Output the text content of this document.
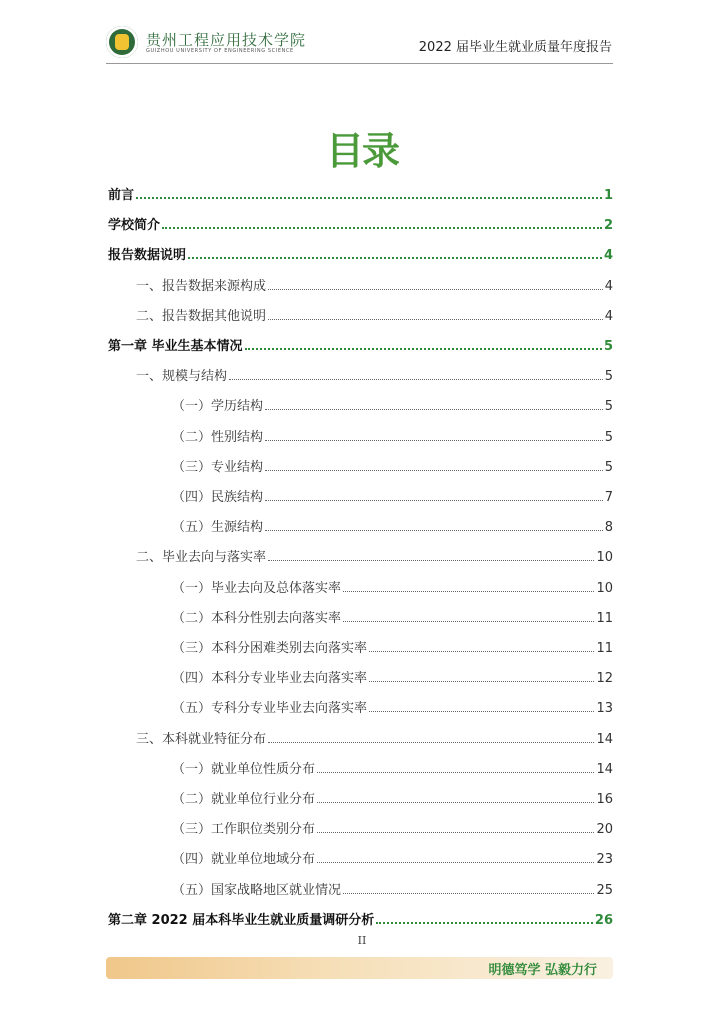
贵州工程应用技术学院
GUIZHOU UNIVERSITY OF ENGINEERING SCIENCE	2022 届毕业生就业质量年度报告
目录
前言	1
学校简介	2
报告数据说明	4
一、报告数据来源构成	4
二、报告数据其他说明	4
第一章 毕业生基本情况	5
一、规模与结构	5
（一）学历结构	5
（二）性别结构	5
（三）专业结构	5
（四）民族结构	7
（五）生源结构	8
二、毕业去向与落实率	10
（一）毕业去向及总体落实率	10
（二）本科分性别去向落实率	11
（三）本科分困难类别去向落实率	11
（四）本科分专业毕业去向落实率	12
（五）专科分专业毕业去向落实率	13
三、本科就业特征分布	14
（一）就业单位性质分布	14
（二）就业单位行业分布	16
（三）工作职位类别分布	20
（四）就业单位地域分布	23
（五）国家战略地区就业情况	25
第二章 2022 届本科毕业生就业质量调研分析	26
II
明德笃学 弘毅力行
